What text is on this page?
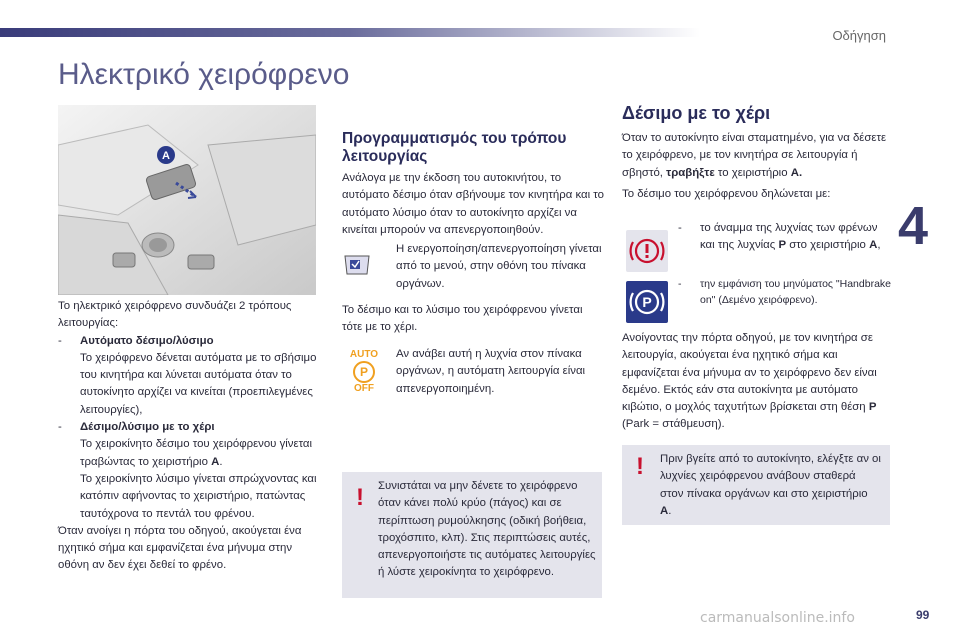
Οδήγηση
4
Ηλεκτρικό χειρόφρενο
A
Το ηλεκτρικό χειρόφρενο συνδυάζει 2 τρόπους λειτουργίας:
-	Αυτόματο δέσιμο/λύσιμο
Το χειρόφρενο δένεται αυτόματα με το σβήσιμο του κινητήρα και λύνεται αυτόματα όταν το αυτοκίνητο αρχίζει να κινείται (προεπιλεγμένες λειτουργίες),
-	Δέσιμο/λύσιμο με το χέρι
Το χειροκίνητο δέσιμο του χειρόφρενου γίνεται τραβώντας το χειριστήριο A.
Το χειροκίνητο λύσιμο γίνεται σπρώχνοντας και κατόπιν αφήνοντας το χειριστήριο, πατώντας ταυτόχρονα το πεντάλ του φρένου.
Όταν ανοίγει η πόρτα του οδηγού, ακούγεται ένα ηχητικό σήμα και εμφανίζεται ένα μήνυμα στην οθόνη αν δεν έχει δεθεί το φρένο.
Προγραμματισμός του τρόπου λειτουργίας
Ανάλογα με την έκδοση του αυτοκινήτου, το αυτόματο δέσιμο όταν σβήνουμε τον κινητήρα και το αυτόματο λύσιμο όταν το αυτοκίνητο αρχίζει να κινείται μπορούν να απενεργοποιηθούν.
Η ενεργοποίηση/απενεργοποίηση γίνεται από το μενού, στην οθόνη του πίνακα οργάνων.
Το δέσιμο και το λύσιμο του χειρόφρενου γίνεται τότε με το χέρι.
AUTO
P
OFF
Αν ανάβει αυτή η λυχνία στον πίνακα οργάνων, η αυτόματη λειτουργία είναι απενεργοποιημένη.
! Συνιστάται να μην δένετε το χειρόφρενο όταν κάνει πολύ κρύο (πάγος) και σε περίπτωση ρυμούλκησης (οδική βοήθεια, τροχόσπιτο, κλπ). Στις περιπτώσεις αυτές, απενεργοποιήστε τις αυτόματες λειτουργίες ή λύστε χειροκίνητα το χειρόφρενο.
Δέσιμο με το χέρι
Όταν το αυτοκίνητο είναι σταματημένο, για να δέσετε το χειρόφρενο, με τον κινητήρα σε λειτουργία ή σβηστό, τραβήξτε το χειριστήριο A.
Το δέσιμο του χειρόφρενου δηλώνεται με:
-	το άναμμα της λυχνίας των φρένων και της λυχνίας P στο χειριστήριο A,
P
-	την εμφάνιση του μηνύματος "Handbrake on" (Δεμένο χειρόφρενο).
Ανοίγοντας την πόρτα οδηγού, με τον κινητήρα σε λειτουργία, ακούγεται ένα ηχητικό σήμα και εμφανίζεται ένα μήνυμα αν το χειρόφρενο δεν είναι δεμένο. Εκτός εάν στα αυτοκίνητα με αυτόματο κιβώτιο, ο μοχλός ταχυτήτων βρίσκεται στη θέση P (Park = στάθμευση).
! Πριν βγείτε από το αυτοκίνητο, ελέγξτε αν οι λυχνίες χειρόφρενου ανάβουν σταθερά στον πίνακα οργάνων και στο χειριστήριο A.
carmanualsonline.info	99
